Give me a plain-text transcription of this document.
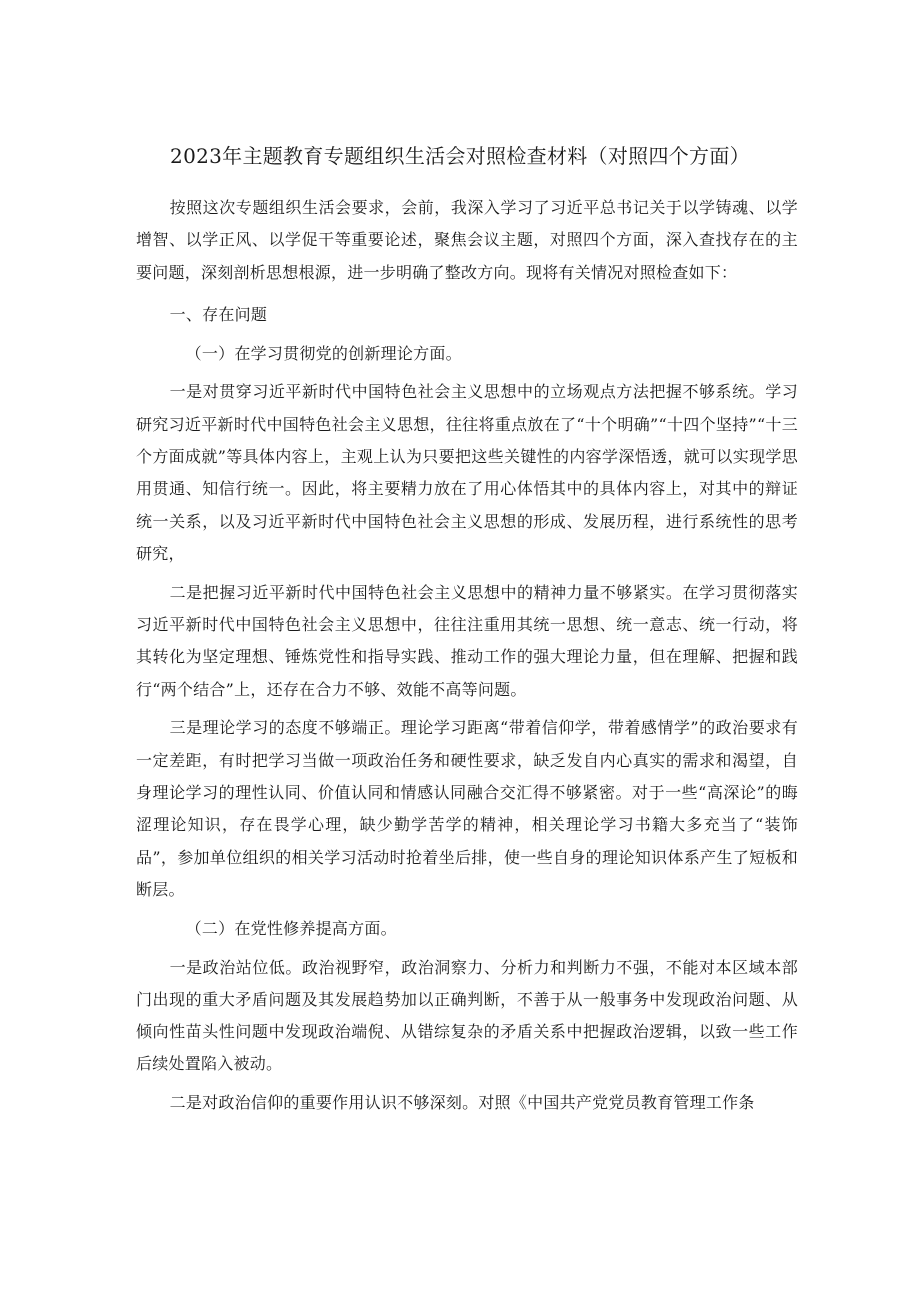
2023年主题教育专题组织生活会对照检查材料（对照四个方面）

按照这次专题组织生活会要求，会前，我深入学习了习近平总书记关于以学铸魂、以学增智、以学正风、以学促干等重要论述，聚焦会议主题，对照四个方面，深入查找存在的主要问题，深刻剖析思想根源，进一步明确了整改方向。现将有关情况对照检查如下：

一、存在问题

（一）在学习贯彻党的创新理论方面。

一是对贯穿习近平新时代中国特色社会主义思想中的立场观点方法把握不够系统。学习研究习近平新时代中国特色社会主义思想，往往将重点放在了“十个明确”“十四个坚持”“十三个方面成就”等具体内容上，主观上认为只要把这些关键性的内容学深悟透，就可以实现学思用贯通、知信行统一。因此，将主要精力放在了用心体悟其中的具体内容上，对其中的辩证统一关系，以及习近平新时代中国特色社会主义思想的形成、发展历程，进行系统性的思考研究，

二是把握习近平新时代中国特色社会主义思想中的精神力量不够紧实。在学习贯彻落实习近平新时代中国特色社会主义思想中，往往注重用其统一思想、统一意志、统一行动，将其转化为坚定理想、锤炼党性和指导实践、推动工作的强大理论力量，但在理解、把握和践行“两个结合”上，还存在合力不够、效能不高等问题。

三是理论学习的态度不够端正。理论学习距离“带着信仰学，带着感情学”的政治要求有一定差距，有时把学习当做一项政治任务和硬性要求，缺乏发自内心真实的需求和渴望，自身理论学习的理性认同、价值认同和情感认同融合交汇得不够紧密。对于一些“高深论”的晦涩理论知识，存在畏学心理，缺少勤学苦学的精神，相关理论学习书籍大多充当了“装饰品”，参加单位组织的相关学习活动时抢着坐后排，使一些自身的理论知识体系产生了短板和断层。

（二）在党性修养提高方面。

一是政治站位低。政治视野窄，政治洞察力、分析力和判断力不强，不能对本区域本部门出现的重大矛盾问题及其发展趋势加以正确判断，不善于从一般事务中发现政治问题、从倾向性苗头性问题中发现政治端倪、从错综复杂的矛盾关系中把握政治逻辑，以致一些工作后续处置陷入被动。

二是对政治信仰的重要作用认识不够深刻。对照《中国共产党党员教育管理工作条
